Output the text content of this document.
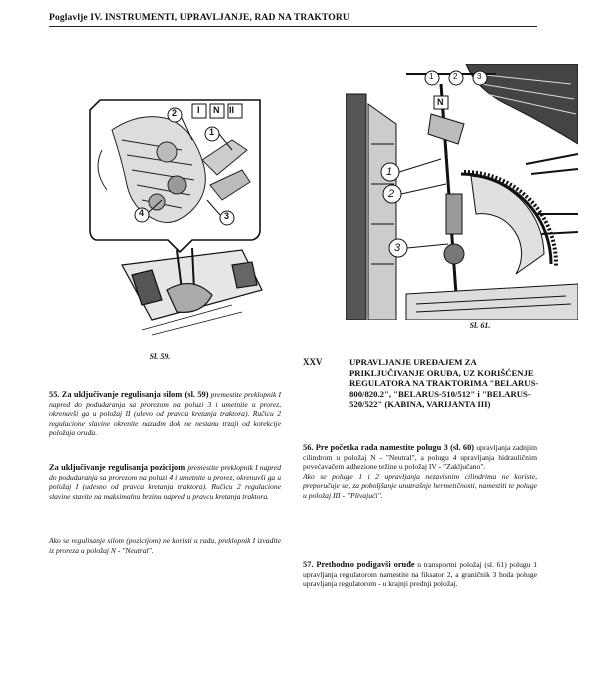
Poglavlje IV. INSTRUMENTI, UPRAVLJANJE, RAD NA TRAKTORU
2
1
4	3
I N II
Sl. 59.
1 2 3
1
2
3
N
Sl. 61.
55. Za uključivanje regulisanja silom (sl. 59) premestite preklopnik I napred do podudaranja sa prorezom na poluzi 3 i umetnite u prorez, okrenuvši ga u položaj II (ulevo od pravca kretanja traktora). Ručicu 2 regulacione slavine okrenite nazadm dok ne nestanu trzaji od korekcije položaja oruđa.
Za uključivanje regulisanja pozicijom premestite preklopnik I napred do podudaranja sa prorezom na poluzi 4 i umetnite u prorez, okrenuvši ga u položaj I (udesno od pravca kretanja traktora). Ručicu 2 regulacione slavine stavite na maksimalnu brzinu napred u pravcu kretanja traktora.
Ako se regulisanje silom (pozicijom) ne koristi u radu, preklopnik I izvadite iz proreza u položaj N - "Neutral".
XXV	UPRAVLJANJE UREĐAJEM ZA PRIKLJUČIVANJE ORUĐA, UZ KORIŠĆENJE REGULATORA NA TRAKTORIMA "BELARUS-800/820.2", "BELARUS-510/512" i "BELARUS-520/522" (KABINA, VARIJANTA III)
56. Pre početka rada namestite polugu 3 (sl. 60) upravljanja zadnjim cilindrom u položaj N - "Neutral", a polugu 4 upravljanja hidrauličnim povećavačem adhezione težine u položaj IV - "Zaključano".
Ako se poluge 1 i 2 upravljanja nezavisnim cilindrima ne koriste, preporučuje se, za poboljšanje unutrašnje hermetičnosti, namestiti te poluge u položaj III - "Plivajući".
57. Prethodno podigavši oruđe u transportni položaj (sl. 61) polugu 1 upravljanja regulatorom namestite na fiksator 2, a graničnik 3 hoda poluge upravljanja regulatorom - u krajnji prednji položaj.
